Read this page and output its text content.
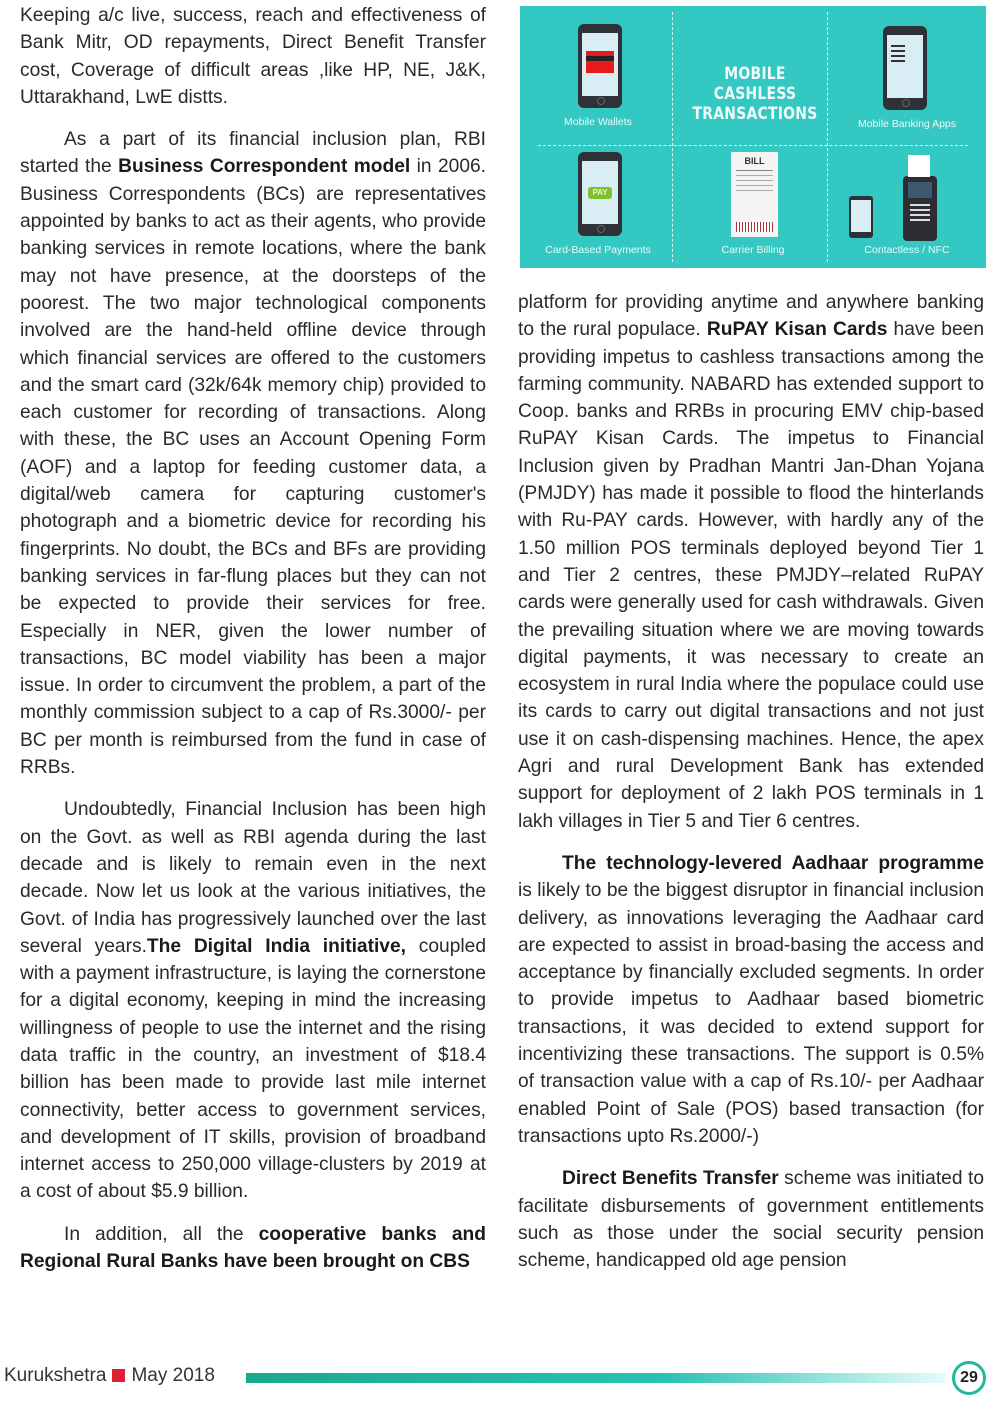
Keeping a/c live, success, reach and effectiveness of Bank Mitr, OD repayments, Direct Benefit Transfer cost, Coverage of difficult areas ,like HP, NE, J&K, Uttarakhand, LwE distts.

As a part of its financial inclusion plan, RBI started the Business Correspondent model in 2006. Business Correspondents (BCs) are representatives appointed by banks to act as their agents, who provide banking services in remote locations, where the bank may not have presence, at the doorsteps of the poorest. The two major technological components involved are the hand-held offline device through which financial services are offered to the customers and the smart card (32k/64k memory chip) provided to each customer for recording of transactions. Along with these, the BC uses an Account Opening Form (AOF) and a laptop for feeding customer data, a digital/web camera for capturing customer's photograph and a biometric device for recording his fingerprints. No doubt, the BCs and BFs are providing banking services in far-flung places but they can not be expected to provide their services for free. Especially in NER, given the lower number of transactions, BC model viability has been a major issue. In order to circumvent the problem, a part of the monthly commission subject to a cap of Rs.3000/- per BC per month is reimbursed from the fund in case of RRBs.

Undoubtedly, Financial Inclusion has been high on the Govt. as well as RBI agenda during the last decade and is likely to remain even in the next decade. Now let us look at the various initiatives, the Govt. of India has progressively launched over the last several years.The Digital India initiative, coupled with a payment infrastructure, is laying the cornerstone for a digital economy, keeping in mind the increasing willingness of people to use the internet and the rising data traffic in the country, an investment of $18.4 billion has been made to provide last mile internet connectivity, better access to government services, and development of IT skills, provision of broadband internet access to 250,000 village-clusters by 2019 at a cost of about $5.9 billion.

In addition, all the cooperative banks and Regional Rural Banks have been brought on CBS

Mobile Wallets
MOBILE CASHLESS TRANSACTIONS	Mobile Banking Apps
PAY
Card-Based Payments
BILL
Carrier Billing	Contactless / NFC

platform for providing anytime and anywhere banking to the rural populace. RuPAY Kisan Cards have been providing impetus to cashless transactions among the farming community. NABARD has extended support to Coop. banks and RRBs in procuring EMV chip-based RuPAY Kisan Cards. The impetus to Financial Inclusion given by Pradhan Mantri Jan-Dhan Yojana (PMJDY) has made it possible to flood the hinterlands with Ru-PAY cards. However, with hardly any of the 1.50 million POS terminals deployed beyond Tier 1 and Tier 2 centres, these PMJDY–related RuPAY cards were generally used for cash withdrawals. Given the prevailing situation where we are moving towards digital payments, it was necessary to create an ecosystem in rural India where the populace could use its cards to carry out digital transactions and not just use it on cash-dispensing machines. Hence, the apex Agri and rural Development Bank has extended support for deployment of 2 lakh POS terminals in 1 lakh villages in Tier 5 and Tier 6 centres.

The technology-levered Aadhaar programme is likely to be the biggest disruptor in financial inclusion delivery, as innovations leveraging the Aadhaar card are expected to assist in broad-basing the access and acceptance by financially excluded segments. In order to provide impetus to Aadhaar based biometric transactions, it was decided to extend support for incentivizing these transactions. The support is 0.5% of transaction value with a cap of Rs.10/- per Aadhaar enabled Point of Sale (POS) based transaction (for transactions upto Rs.2000/-)

Direct Benefits Transfer scheme was initiated to facilitate disbursements of government entitlements such as those under the social security pension scheme, handicapped old age pension

Kurukshetra May 2018	29
